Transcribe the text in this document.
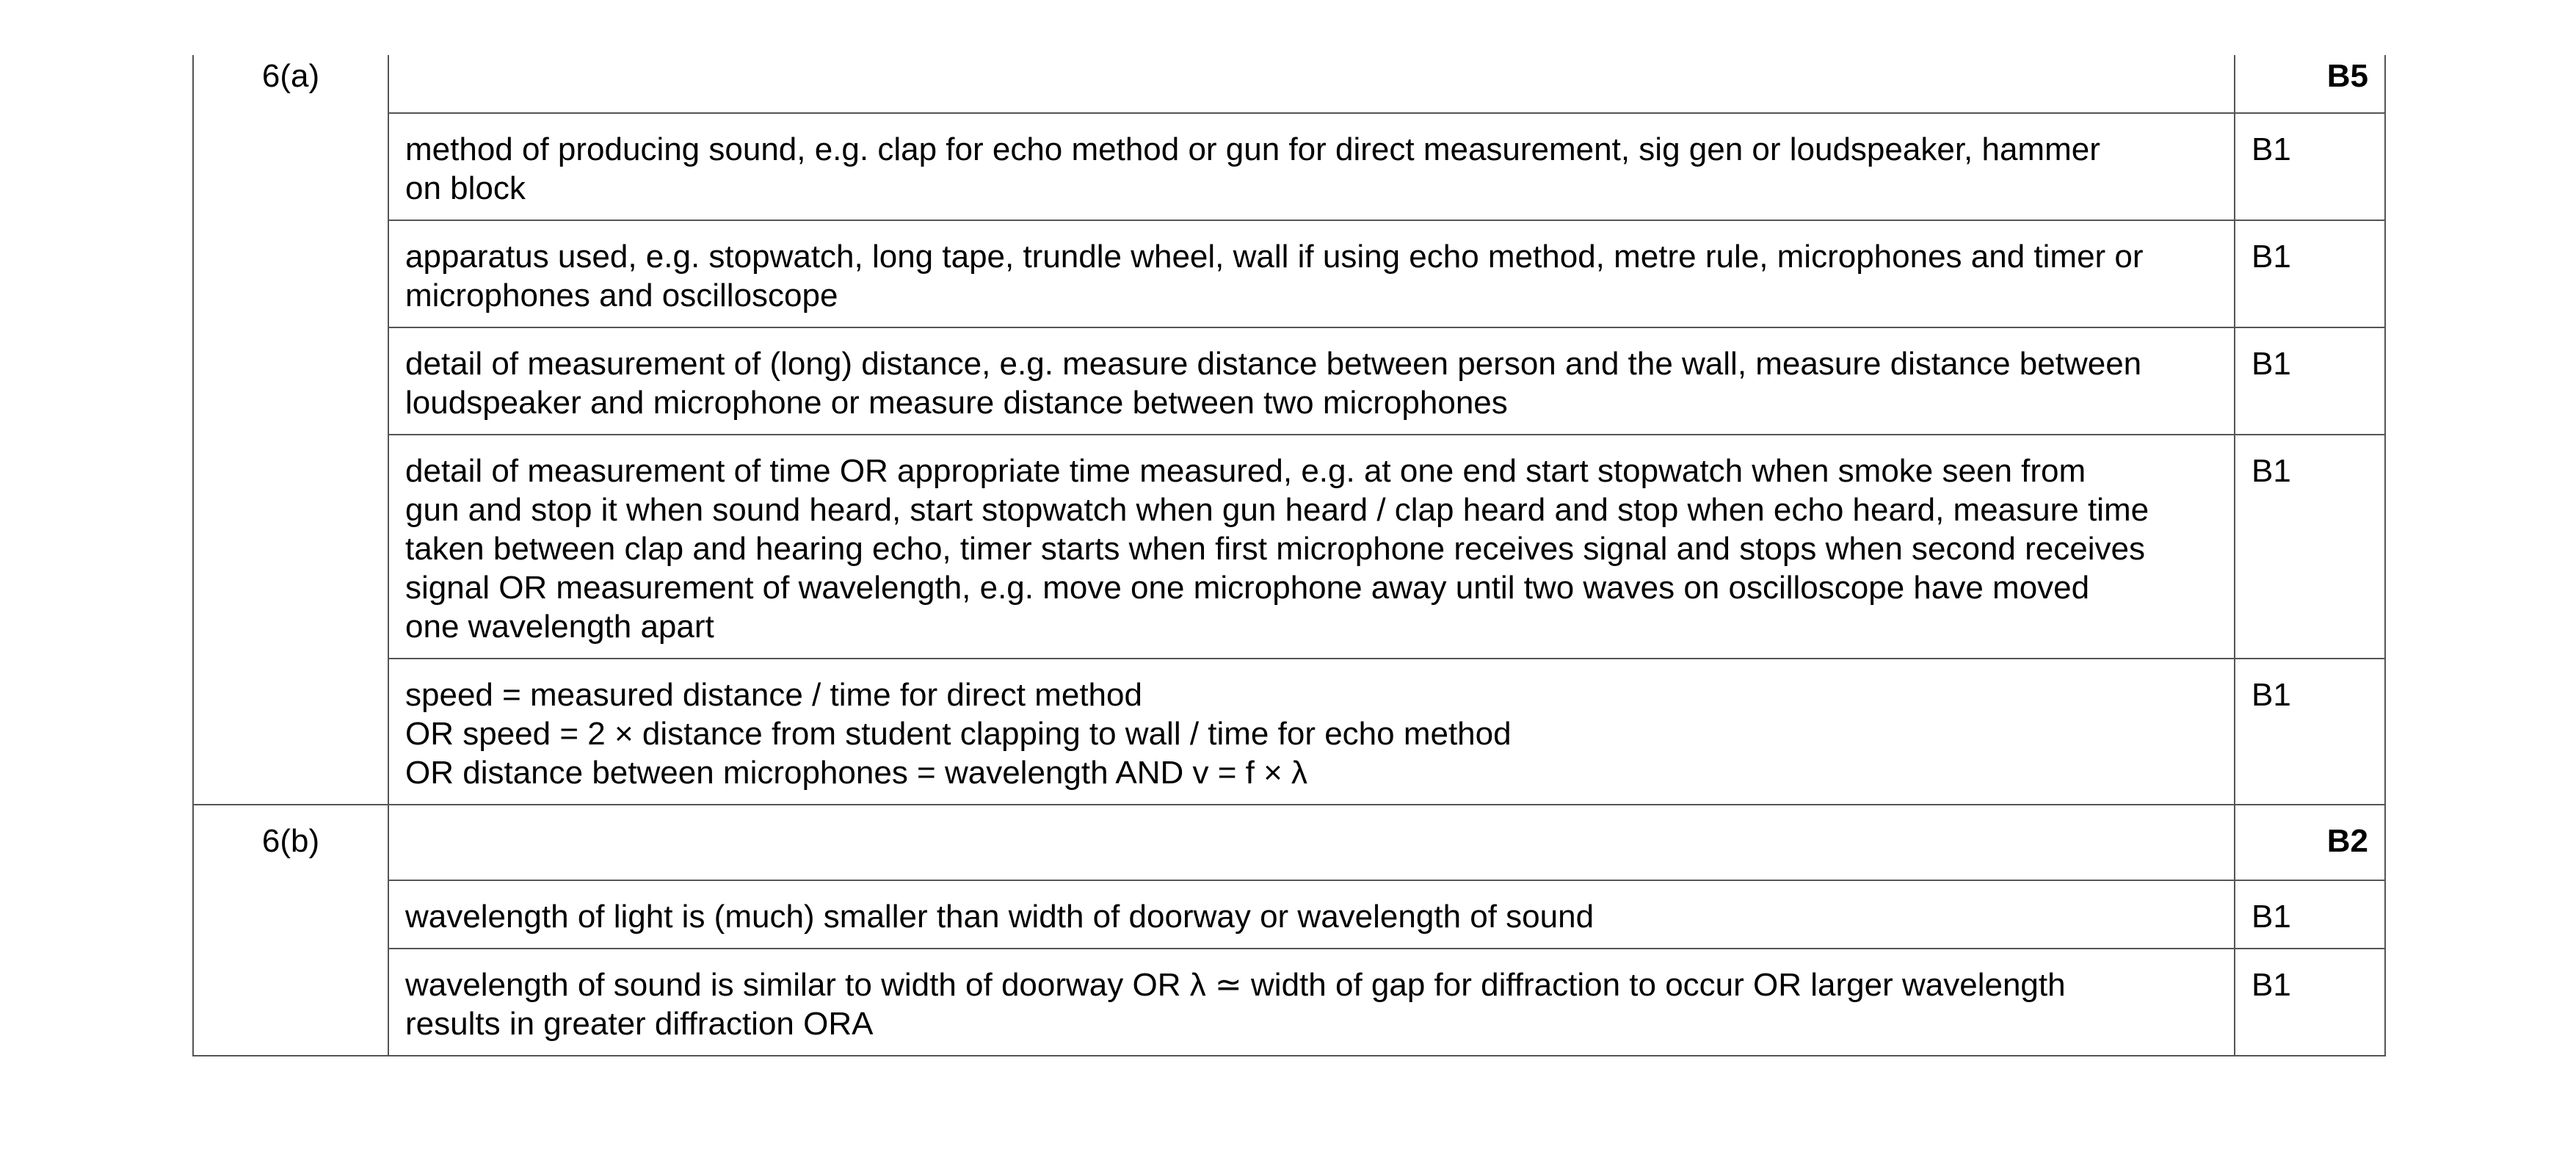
6(a)		B5

	method of producing sound, e.g. clap for echo method or gun for direct measurement, sig gen or loudspeaker, hammer
on block	B1

	apparatus used, e.g. stopwatch, long tape, trundle wheel, wall if using echo method, metre rule, microphones and timer or
microphones and oscilloscope	B1

	detail of measurement of (long) distance, e.g. measure distance between person and the wall, measure distance between
loudspeaker and microphone or measure distance between two microphones	B1

	detail of measurement of time OR appropriate time measured, e.g. at one end start stopwatch when smoke seen from
gun and stop it when sound heard, start stopwatch when gun heard / clap heard and stop when echo heard, measure time
taken between clap and hearing echo, timer starts when first microphone receives signal and stops when second receives
signal OR measurement of wavelength, e.g. move one microphone away until two waves on oscilloscope have moved
one wavelength apart	B1

	speed = measured distance / time for direct method
OR speed = 2 × distance from student clapping to wall / time for echo method
OR distance between microphones = wavelength AND v = f × λ	B1

6(b)		B2

	wavelength of light is (much) smaller than width of doorway or wavelength of sound	B1

	wavelength of sound is similar to width of doorway OR λ ≃ width of gap for diffraction to occur OR larger wavelength
results in greater diffraction ORA	B1
